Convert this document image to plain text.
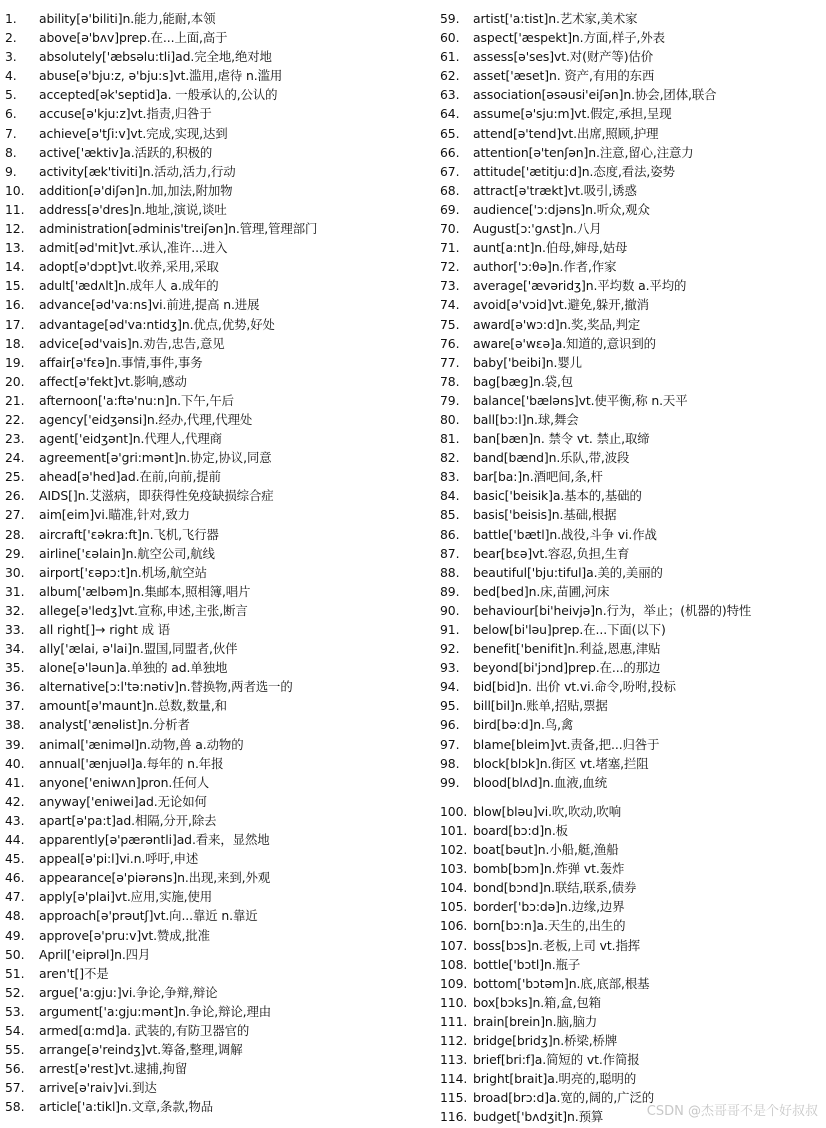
1.	ability[ə'biliti]n.能力,能耐,本领
2.	above[ə'bʌv]prep.在...上面,高于
3.	absolutely['æbsəlu:tli]ad.完全地,绝对地
4.	abuse[ə'bju:z, ə'bju:s]vt.滥用,虐待 n.滥用
5.	accepted[ək'septid]a. 一般承认的,公认的
6.	accuse[ə'kju:z]vt.指责,归咎于
7.	achieve[ə'tʃi:v]vt.完成,实现,达到
8.	active['æktiv]a.活跃的,积极的
9.	activity[æk'tiviti]n.活动,活力,行动
10.	addition[ə'diʃən]n.加,加法,附加物
11.	address[ə'dres]n.地址,演说,谈吐
12.	administration[ədminis'treiʃən]n.管理,管理部门
13.	admit[əd'mit]vt.承认,准许...进入
14.	adopt[ə'dɔpt]vt.收养,采用,采取
15.	adult['ædʌlt]n.成年人 a.成年的
16.	advance[əd'va:ns]vi.前进,提高 n.进展
17.	advantage[əd'va:ntidʒ]n.优点,优势,好处
18.	advice[əd'vais]n.劝告,忠告,意见
19.	affair[ə'fɛə]n.事情,事件,事务
20.	affect[ə'fekt]vt.影响,感动
21.	afternoon['a:ftə'nu:n]n.下午,午后
22.	agency['eidʒənsi]n.经办,代理,代理处
23.	agent['eidʒənt]n.代理人,代理商
24.	agreement[ə'gri:mənt]n.协定,协议,同意
25.	ahead[ə'hed]ad.在前,向前,提前
26.	AIDS[]n.艾滋病，即获得性免疫缺损综合症
27.	aim[eim]vi.瞄准,针对,致力
28.	aircraft['ɛəkra:ft]n.飞机,飞行器
29.	airline['ɛəlain]n.航空公司,航线
30.	airport['ɛəpɔ:t]n.机场,航空站
31.	album['ælbəm]n.集邮本,照相簿,唱片
32.	allege[ə'ledʒ]vt.宣称,申述,主张,断言
33.	all right[]→ right 成 语
34.	ally['ælai, ə'lai]n.盟国,同盟者,伙伴
35.	alone[ə'ləun]a.单独的 ad.单独地
36.	alternative[ɔ:l'tə:nətiv]n.替换物,两者选一的
37.	amount[ə'maunt]n.总数,数量,和
38.	analyst['ænəlist]n.分析者
39.	animal['æniməl]n.动物,兽 a.动物的
40.	annual['ænjuəl]a.每年的 n.年报
41.	anyone['eniwʌn]pron.任何人
42.	anyway['eniwei]ad.无论如何
43.	apart[ə'pa:t]ad.相隔,分开,除去
44.	apparently[ə'pærəntli]ad.看来，显然地
45.	appeal[ə'pi:l]vi.n.呼吁,申述
46.	appearance[ə'piərəns]n.出现,来到,外观
47.	apply[ə'plai]vt.应用,实施,使用
48.	approach[ə'prəutʃ]vt.向...靠近 n.靠近
49.	approve[ə'pru:v]vt.赞成,批准
50.	April['eiprəl]n.四月
51.	aren't[]不是
52.	argue['a:gju:]vi.争论,争辩,辩论
53.	argument['a:gju:mənt]n.争论,辩论,理由
54.	armed[ɑ:md]a. 武装的,有防卫器官的
55.	arrange[ə'reindʒ]vt.筹备,整理,调解
56.	arrest[ə'rest]vt.逮捕,拘留
57.	arrive[ə'raiv]vi.到达
58.	article['a:tikl]n.文章,条款,物品
59.	artist['a:tist]n.艺术家,美术家
60.	aspect['æspekt]n.方面,样子,外表
61.	assess[ə'ses]vt.对(财产等)估价
62.	asset['æset]n. 资产,有用的东西
63.	association[əsəusi'eiʃən]n.协会,团体,联合
64.	assume[ə'sju:m]vt.假定,承担,呈现
65.	attend[ə'tend]vt.出席,照顾,护理
66.	attention[ə'tenʃən]n.注意,留心,注意力
67.	attitude['ætitju:d]n.态度,看法,姿势
68.	attract[ə'trækt]vt.吸引,诱惑
69.	audience['ɔ:djəns]n.听众,观众
70.	August[ɔ:'gʌst]n.八月
71.	aunt[a:nt]n.伯母,婶母,姑母
72.	author['ɔ:θə]n.作者,作家
73.	average['ævəridʒ]n.平均数 a.平均的
74.	avoid[ə'vɔid]vt.避免,躲开,撤消
75.	award[ə'wɔ:d]n.奖,奖品,判定
76.	aware[ə'wɛə]a.知道的,意识到的
77.	baby['beibi]n.婴儿
78.	bag[bæg]n.袋,包
79.	balance['bæləns]vt.使平衡,称 n.天平
80.	ball[bɔ:l]n.球,舞会
81.	ban[bæn]n. 禁令 vt. 禁止,取缔
82.	band[bænd]n.乐队,带,波段
83.	bar[ba:]n.酒吧间,条,杆
84.	basic['beisik]a.基本的,基础的
85.	basis['beisis]n.基础,根据
86.	battle['bætl]n.战役,斗争 vi.作战
87.	bear[bɛə]vt.容忍,负担,生育
88.	beautiful['bju:tiful]a.美的,美丽的
89.	bed[bed]n.床,苗圃,河床
90.	behaviour[bi'heivjə]n.行为，举止；(机器的)特性
91.	below[bi'ləu]prep.在...下面(以下)
92.	benefit['benifit]n.利益,恩惠,津贴
93.	beyond[bi'jɔnd]prep.在...的那边
94.	bid[bid]n. 出价 vt.vi.命令,吩咐,投标
95.	bill[bil]n.账单,招贴,票据
96.	bird[bə:d]n.鸟,禽
97.	blame[bleim]vt.责备,把...归咎于
98.	block[blɔk]n.街区 vt.堵塞,拦阻
99.	blood[blʌd]n.血液,血统
100. blow[bləu]vi.吹,吹动,吹响
101. board[bɔ:d]n.板
102. boat[bəut]n.小船,艇,渔船
103. bomb[bɔm]n.炸弹 vt.轰炸
104. bond[bɔnd]n.联结,联系,债券
105. border['bɔ:də]n.边缘,边界
106. born[bɔ:n]a.天生的,出生的
107. boss[bɔs]n.老板,上司 vt.指挥
108. bottle['bɔtl]n.瓶子
109. bottom['bɔtəm]n.底,底部,根基
110. box[bɔks]n.箱,盒,包箱
111. brain[brein]n.脑,脑力
112. bridge[bridʒ]n.桥梁,桥牌
113. brief[bri:f]a.简短的 vt.作简报
114. bright[brait]a.明亮的,聪明的
115. broad[brɔ:d]a.宽的,阔的,广泛的
116. budget['bʌdʒit]n.预算	CSDN @杰哥哥不是个好叔叔
